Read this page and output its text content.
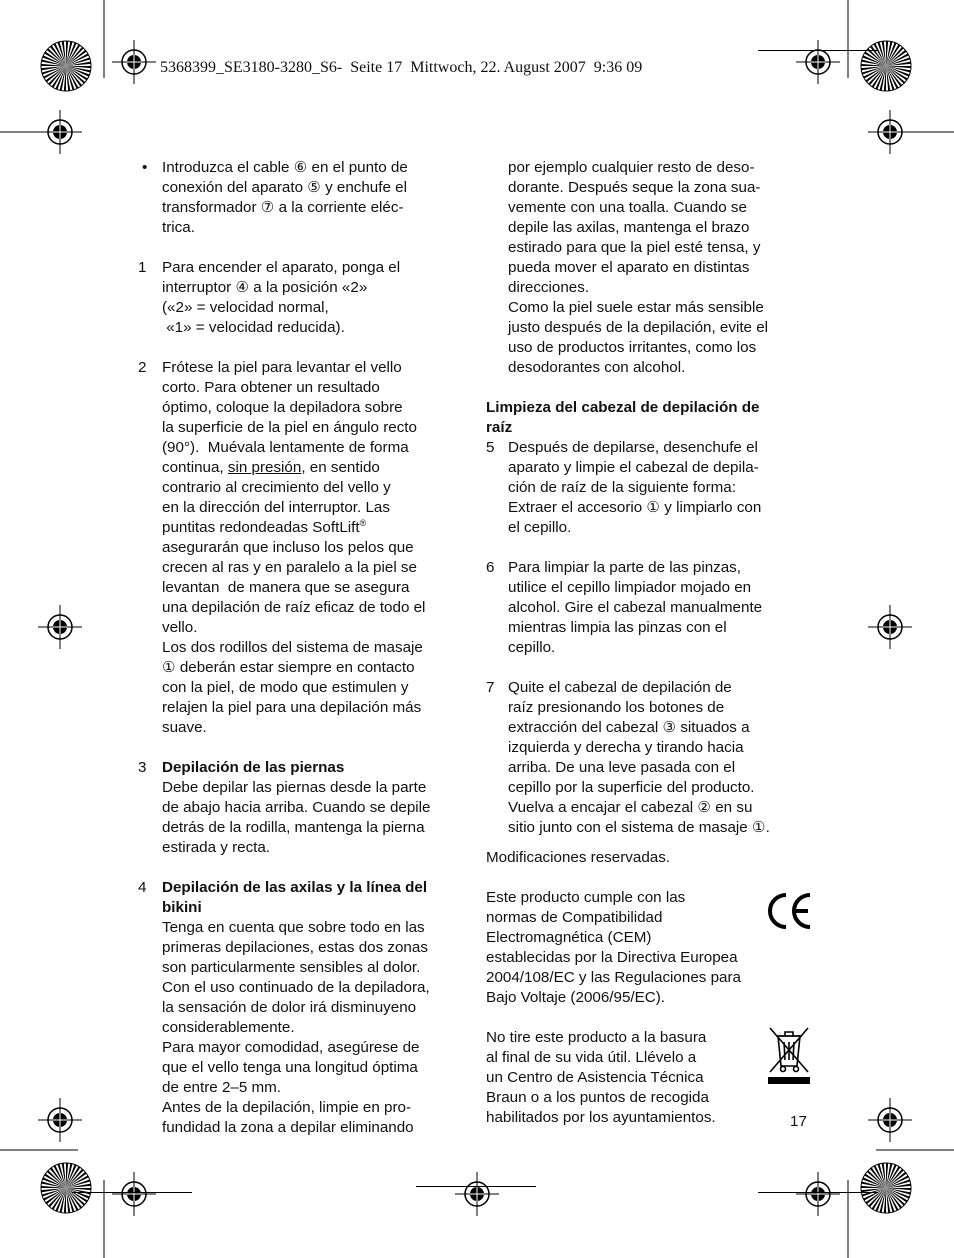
5368399_SE3180-3280_S6-  Seite 17  Mittwoch, 22. August 2007  9:36 09
• Introduzca el cable ⑥ en el punto de
conexión del aparato ⑤ y enchufe el
transformador ⑦ a la corriente eléc-
trica.
1 Para encender el aparato, ponga el
interruptor ④ a la posición «2»
(«2» = velocidad normal,
«1» = velocidad reducida).
2 Frótese la piel para levantar el vello
corto. Para obtener un resultado
óptimo, coloque la depiladora sobre
la superficie de la piel en ángulo recto
(90°).  Muévala lentamente de forma
continua, sin presión, en sentido
contrario al crecimiento del vello y
en la dirección del interruptor. Las
puntitas redondeadas SoftLift®
asegurarán que incluso los pelos que
crecen al ras y en paralelo a la piel se
levantan  de manera que se asegura
una depilación de raíz eficaz de todo el
vello.
Los dos rodillos del sistema de masaje
① deberán estar siempre en contacto
con la piel, de modo que estimulen y
relajen la piel para una depilación más
suave.
3 Depilación de las piernas
Debe depilar las piernas desde la parte
de abajo hacia arriba. Cuando se depile
detrás de la rodilla, mantenga la pierna
estirada y recta.
4 Depilación de las axilas y la línea del
bikini
Tenga en cuenta que sobre todo en las
primeras depilaciones, estas dos zonas
son particularmente sensibles al dolor.
Con el uso continuado de la depiladora,
la sensación de dolor irá disminuyeno
considerablemente.
Para mayor comodidad, asegúrese de
que el vello tenga una longitud óptima
de entre 2–5 mm.
Antes de la depilación, limpie en pro-
fundidad la zona a depilar eliminando
por ejemplo cualquier resto de deso-
dorante. Después seque la zona sua-
vemente con una toalla. Cuando se
depile las axilas, mantenga el brazo
estirado para que la piel esté tensa, y
pueda mover el aparato en distintas
direcciones.
Como la piel suele estar más sensible
justo después de la depilación, evite el
uso de productos irritantes, como los
desodorantes con alcohol.
Limpieza del cabezal de depilación de
raíz
5 Después de depilarse, desenchufe el
aparato y limpie el cabezal de depila-
ción de raíz de la siguiente forma:
Extraer el accesorio ① y limpiarlo con
el cepillo.
6 Para limpiar la parte de las pinzas,
utilice el cepillo limpiador mojado en
alcohol. Gire el cabezal manualmente
mientras limpia las pinzas con el
cepillo.
7 Quite el cabezal de depilación de
raíz presionando los botones de
extracción del cabezal ③ situados a
izquierda y derecha y tirando hacia
arriba. De una leve pasada con el
cepillo por la superficie del producto.
Vuelva a encajar el cabezal ② en su
sitio junto con el sistema de masaje ①.
Modificaciones reservadas.
Este producto cumple con las
normas de Compatibilidad
Electromagnética (CEM)
establecidas por la Directiva Europea
2004/108/EC y las Regulaciones para
Bajo Voltaje (2006/95/EC).
No tire este producto a la basura
al final de su vida útil. Llévelo a
un Centro de Asistencia Técnica
Braun o a los puntos de recogida
habilitados por los ayuntamientos.	17
